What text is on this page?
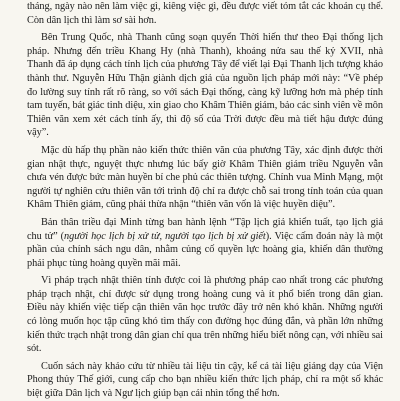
tháng, ngày nào nên làm việc gì, kiêng việc gì, đều được viết tóm tắt các khoản cụ thể. Còn dân lịch thì làm sơ sài hơn.

Bên Trung Quốc, nhà Thanh cũng soạn quyển Thời hiến thư theo Đại thống lịch pháp. Nhưng đến triều Khang Hy (nhà Thanh), khoảng nửa sau thế kỷ XVII, nhà Thanh đã áp dụng cách tính lịch của phương Tây để viết lại Đại Thanh lịch tượng khảo thành thư. Nguyễn Hữu Thận giành dịch giả của nguồn lịch pháp mới này: “Về phép đo lường suy tính rất rõ ràng, so với sách Đại thống, càng kỹ lưỡng hơn mà phép tính tam tuyến, bát giác tinh diệu, xin giao cho Khâm Thiên giám, bảo các sinh viên về môn Thiên văn xem xét cách tính ấy, thì độ số của Trời được đều mà tiết hậu được đúng vậy”.

Mặc dù hấp thụ phần nào kiến thức thiên văn của phương Tây, xác định được thời gian nhật thực, nguyệt thực nhưng lúc bấy giờ Khâm Thiên giám triều Nguyễn vẫn chưa vén được bức màn huyền bí che phủ các thiên tượng. Chính vua Minh Mạng, một người tự nghiên cứu thiên văn tới trình độ chỉ ra được chỗ sai trong tính toán của quan Khâm Thiên giám, cũng phải thừa nhận “thiên văn vốn là việc huyền diệu”.

Bản thân triều đại Minh từng ban hành lệnh “Tập lịch giả khiển tuất, tạo lịch giả chu tử” (người học lịch bị xử tử, người tạo lịch bị xử giết). Việc cấm đoán này là một phần của chính sách ngu dân, nhằm củng cố quyền lực hoàng gia, khiến dân thường phải phục tùng hoàng quyền mãi mãi.

Vì pháp trạch nhật thiên tính được coi là phương pháp cao nhất trong các phương pháp trạch nhật, chỉ được sử dụng trong hoàng cung và ít phổ biến trong dân gian. Điều này khiến việc tiếp cận thiên văn học trước đây trở nên khó khăn. Những người có lòng muốn học tập cũng khó tìm thấy con đường học đúng đắn, và phần lớn những kiến thức trạch nhật trong dân gian chỉ qua trên những hiểu biết nông cạn, với nhiều sai sót.

Cuốn sách này khảo cứu từ nhiều tài liệu tin cậy, kể cả tài liệu giảng dạy của Viện Phong thủy Thế giới, cung cấp cho bạn nhiều kiến thức lịch pháp, chỉ ra một số khác biệt giữa Dân lịch và Ngư lịch giúp bạn cái nhìn tổng thể hơn.
